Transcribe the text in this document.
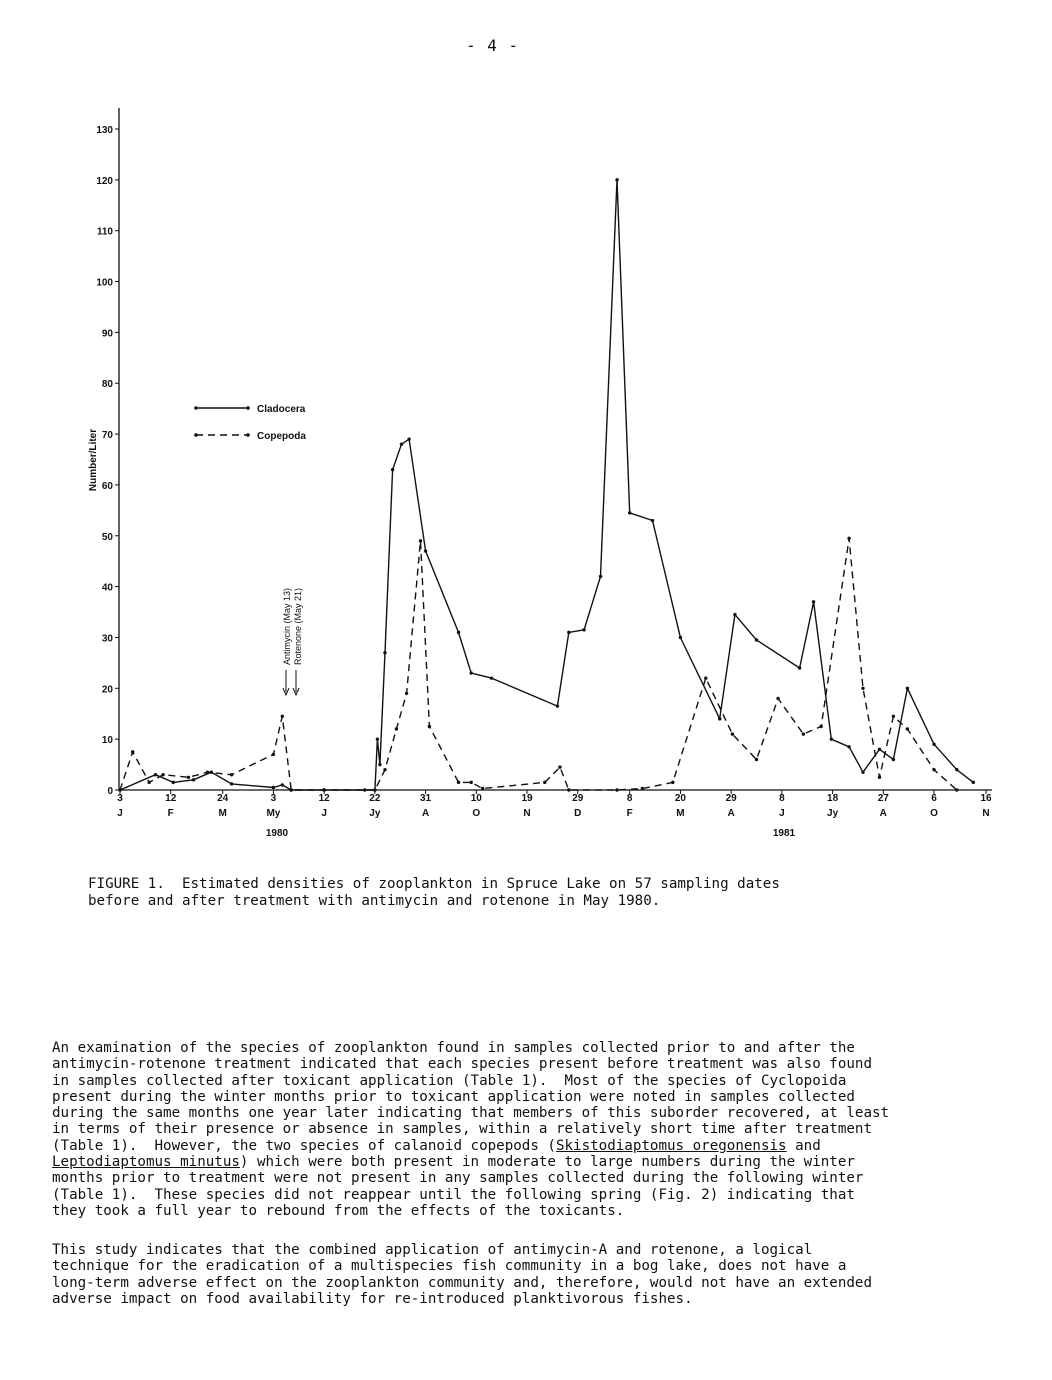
- 4 -
0
10
20
30
40
50
60
70
80
90
100
110
120
130
3
J
12
F
24
M
3
My
12
J
22
Jy
31
A
10
O
19
N
29
D
8
F
20
M
29
A
8
J
18
Jy
27
A
6
O
16
N
Number/Liter
Cladocera
Copepoda
Antimycin (May 13) Rotenone (May 21)
1980	1981
FIGURE 1.  Estimated densities of zooplankton in Spruce Lake on 57 sampling dates
before and after treatment with antimycin and rotenone in May 1980.
An examination of the species of zooplankton found in samples collected prior to and after the
antimycin-rotenone treatment indicated that each species present before treatment was also found
in samples collected after toxicant application (Table 1).  Most of the species of Cyclopoida
present during the winter months prior to toxicant application were noted in samples collected
during the same months one year later indicating that members of this suborder recovered, at least
in terms of their presence or absence in samples, within a relatively short time after treatment
(Table 1).  However, the two species of calanoid copepods (Skistodiaptomus oregonensis and
Leptodiaptomus minutus) which were both present in moderate to large numbers during the winter
months prior to treatment were not present in any samples collected during the following winter
(Table 1).  These species did not reappear until the following spring (Fig. 2) indicating that
they took a full year to rebound from the effects of the toxicants.
This study indicates that the combined application of antimycin-A and rotenone, a logical
technique for the eradication of a multispecies fish community in a bog lake, does not have a
long-term adverse effect on the zooplankton community and, therefore, would not have an extended
adverse impact on food availability for re-introduced planktivorous fishes.
